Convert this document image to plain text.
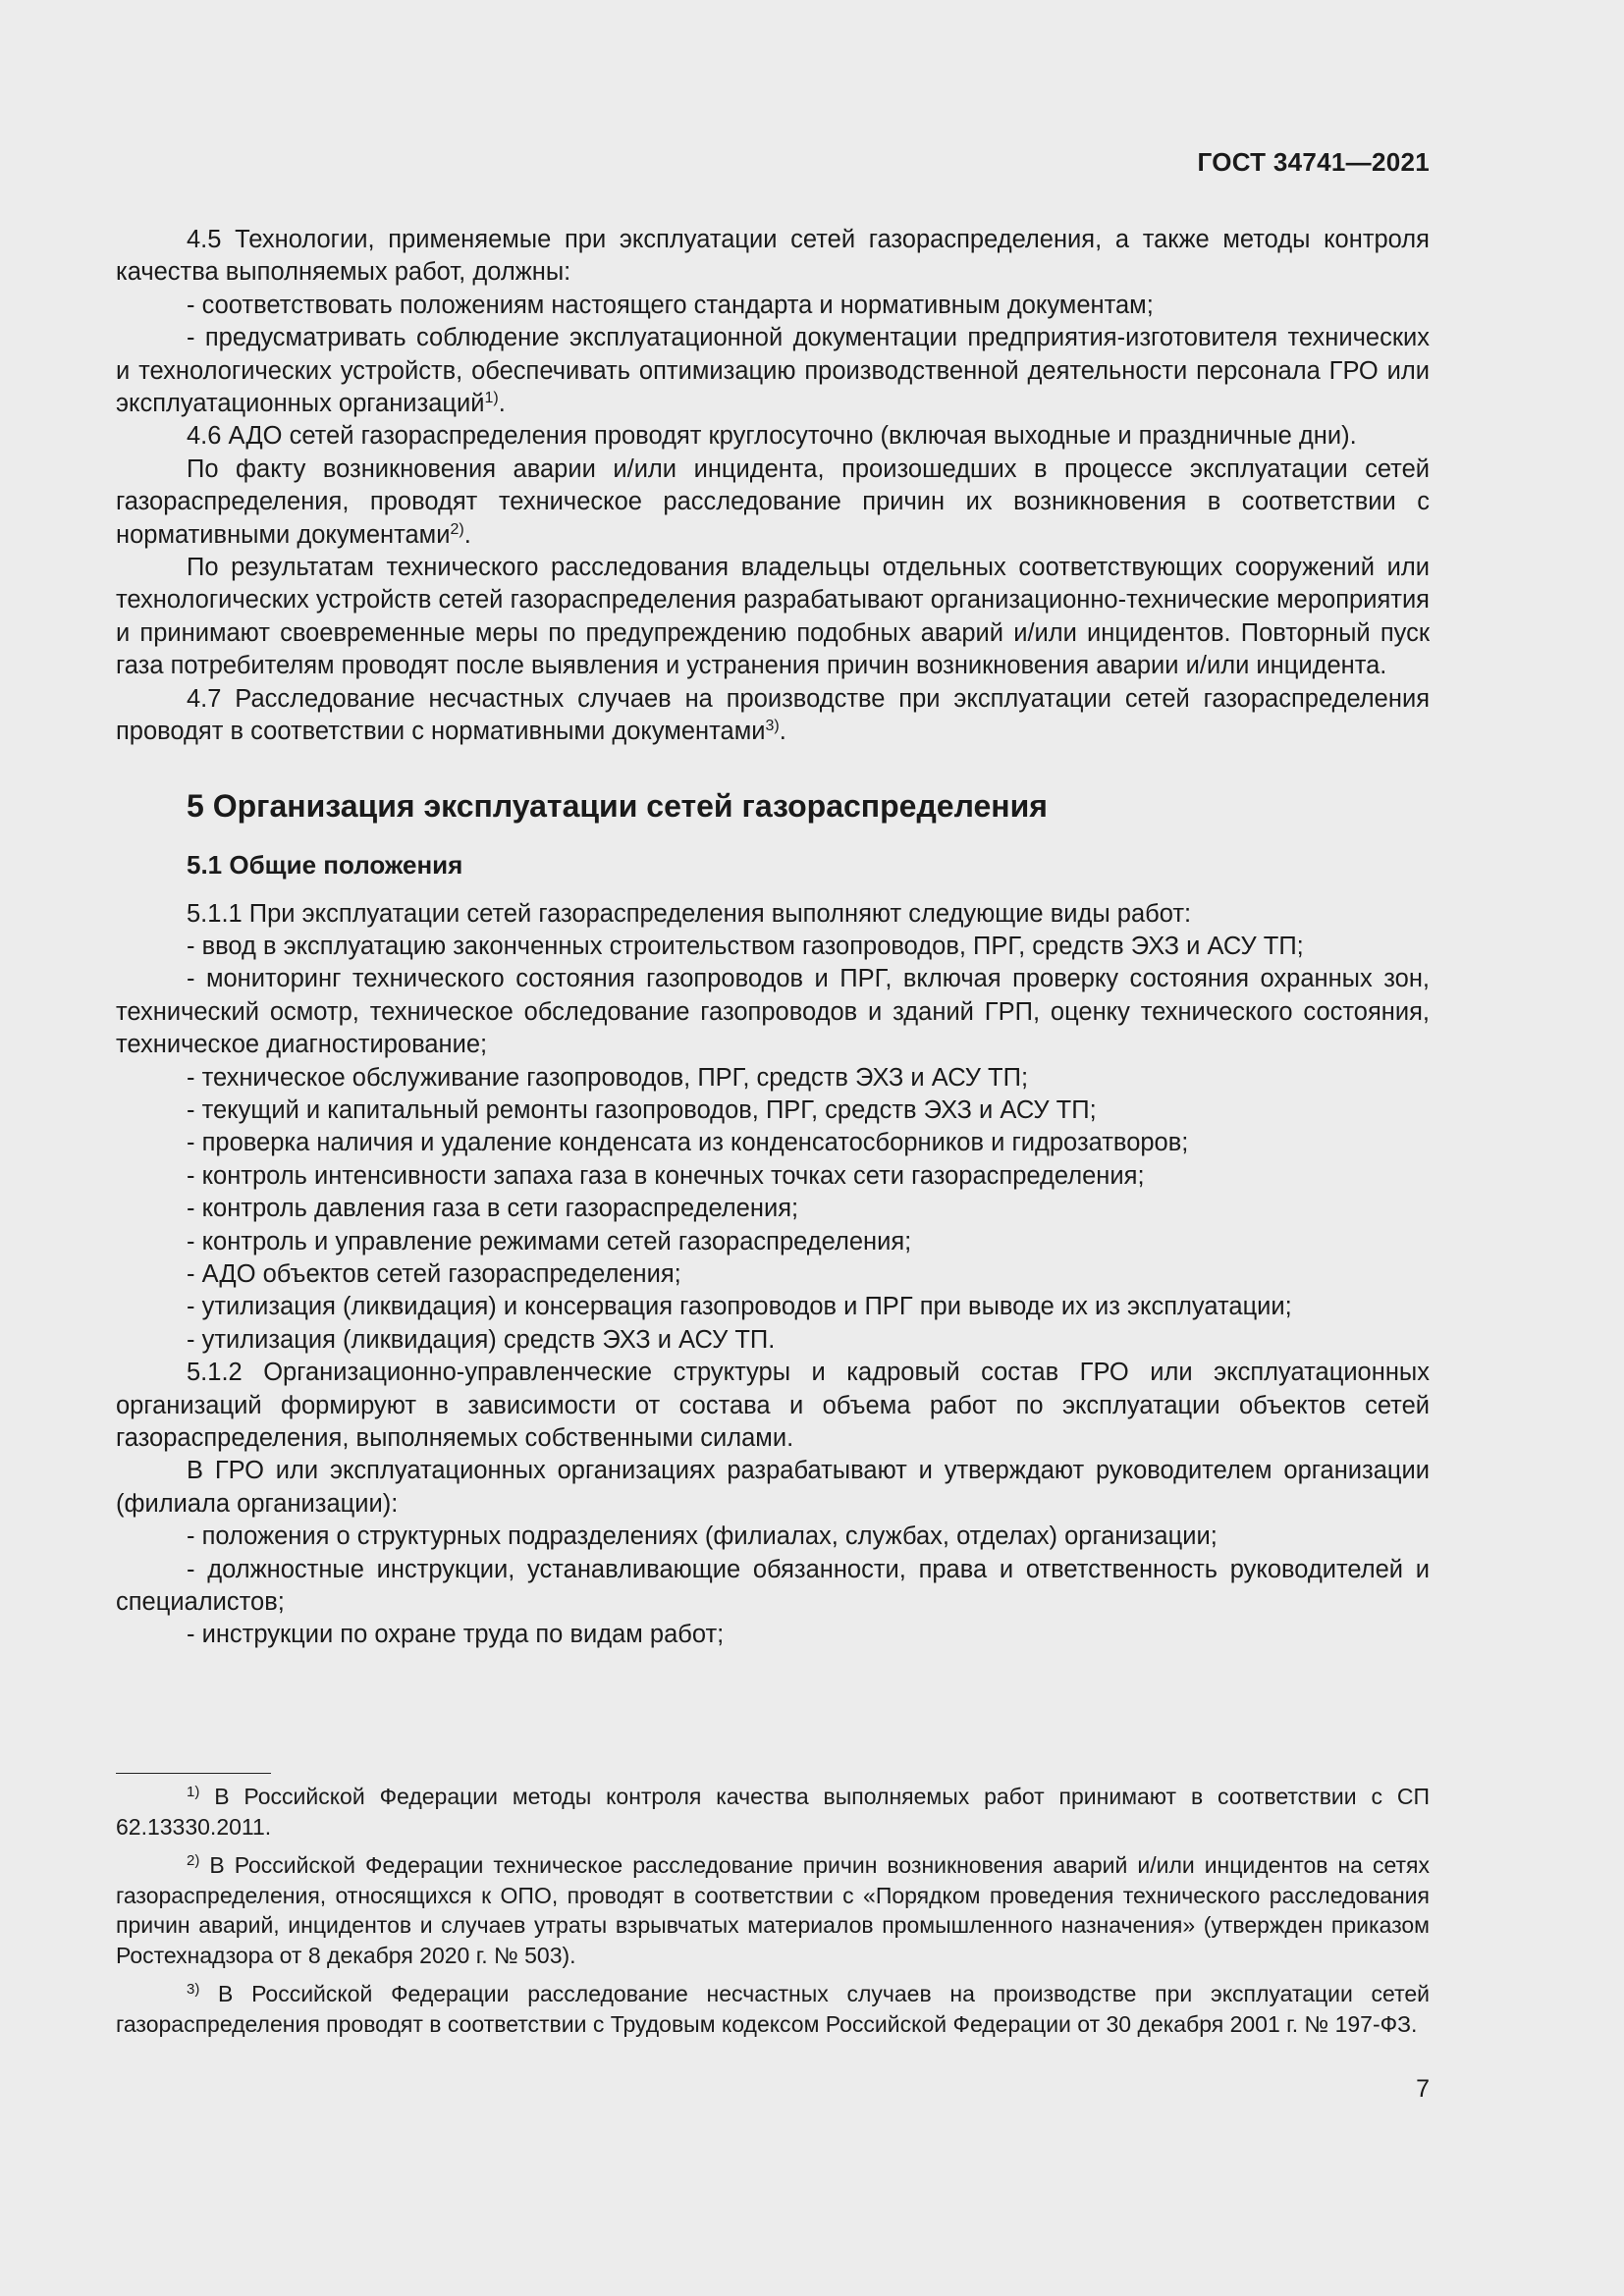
ГОСТ 34741—2021

4.5 Технологии, применяемые при эксплуатации сетей газораспределения, а также методы контроля качества выполняемых работ, должны:

- соответствовать положениям настоящего стандарта и нормативным документам;

- предусматривать соблюдение эксплуатационной документации предприятия-изготовителя технических и технологических устройств, обеспечивать оптимизацию производственной деятельности персонала ГРО или эксплуатационных организаций$^{1)}$.

4.6 АДО сетей газораспределения проводят круглосуточно (включая выходные и праздничные дни).

По факту возникновения аварии и/или инцидента, произошедших в процессе эксплуатации сетей газораспределения, проводят техническое расследование причин их возникновения в соответствии с нормативными документами$^{2)}$.

По результатам технического расследования владельцы отдельных соответствующих сооружений или технологических устройств сетей газораспределения разрабатывают организационно-технические мероприятия и принимают своевременные меры по предупреждению подобных аварий и/или инцидентов. Повторный пуск газа потребителям проводят после выявления и устранения причин возникновения аварии и/или инцидента.

4.7 Расследование несчастных случаев на производстве при эксплуатации сетей газораспределения проводят в соответствии с нормативными документами$^{3)}$.

5 Организация эксплуатации сетей газораспределения
5.1 Общие положения

5.1.1 При эксплуатации сетей газораспределения выполняют следующие виды работ:

- ввод в эксплуатацию законченных строительством газопроводов, ПРГ, средств ЭХЗ и АСУ ТП;

- мониторинг технического состояния газопроводов и ПРГ, включая проверку состояния охранных зон, технический осмотр, техническое обследование газопроводов и зданий ГРП, оценку технического состояния, техническое диагностирование;

- техническое обслуживание газопроводов, ПРГ, средств ЭХЗ и АСУ ТП;

- текущий и капитальный ремонты газопроводов, ПРГ, средств ЭХЗ и АСУ ТП;

- проверка наличия и удаление конденсата из конденсатосборников и гидрозатворов;

- контроль интенсивности запаха газа в конечных точках сети газораспределения;

- контроль давления газа в сети газораспределения;

- контроль и управление режимами сетей газораспределения;

- АДО объектов сетей газораспределения;

- утилизация (ликвидация) и консервация газопроводов и ПРГ при выводе их из эксплуатации;

- утилизация (ликвидация) средств ЭХЗ и АСУ ТП.

5.1.2 Организационно-управленческие структуры и кадровый состав ГРО или эксплуатационных организаций формируют в зависимости от состава и объема работ по эксплуатации объектов сетей газораспределения, выполняемых собственными силами.

В ГРО или эксплуатационных организациях разрабатывают и утверждают руководителем организации (филиала организации):

- положения о структурных подразделениях (филиалах, службах, отделах) организации;

- должностные инструкции, устанавливающие обязанности, права и ответственность руководителей и специалистов;

- инструкции по охране труда по видам работ;

$^{1)}$ В Российской Федерации методы контроля качества выполняемых работ принимают в соответствии с СП 62.13330.2011.

$^{2)}$ В Российской Федерации техническое расследование причин возникновения аварий и/или инцидентов на сетях газораспределения, относящихся к ОПО, проводят в соответствии с «Порядком проведения технического расследования причин аварий, инцидентов и случаев утраты взрывчатых материалов промышленного назначения» (утвержден приказом Ростехнадзора от 8 декабря 2020 г. № 503).

$^{3)}$ В Российской Федерации расследование несчастных случаев на производстве при эксплуатации сетей газораспределения проводят в соответствии с Трудовым кодексом Российской Федерации от 30 декабря 2001 г. № 197-ФЗ.

7
